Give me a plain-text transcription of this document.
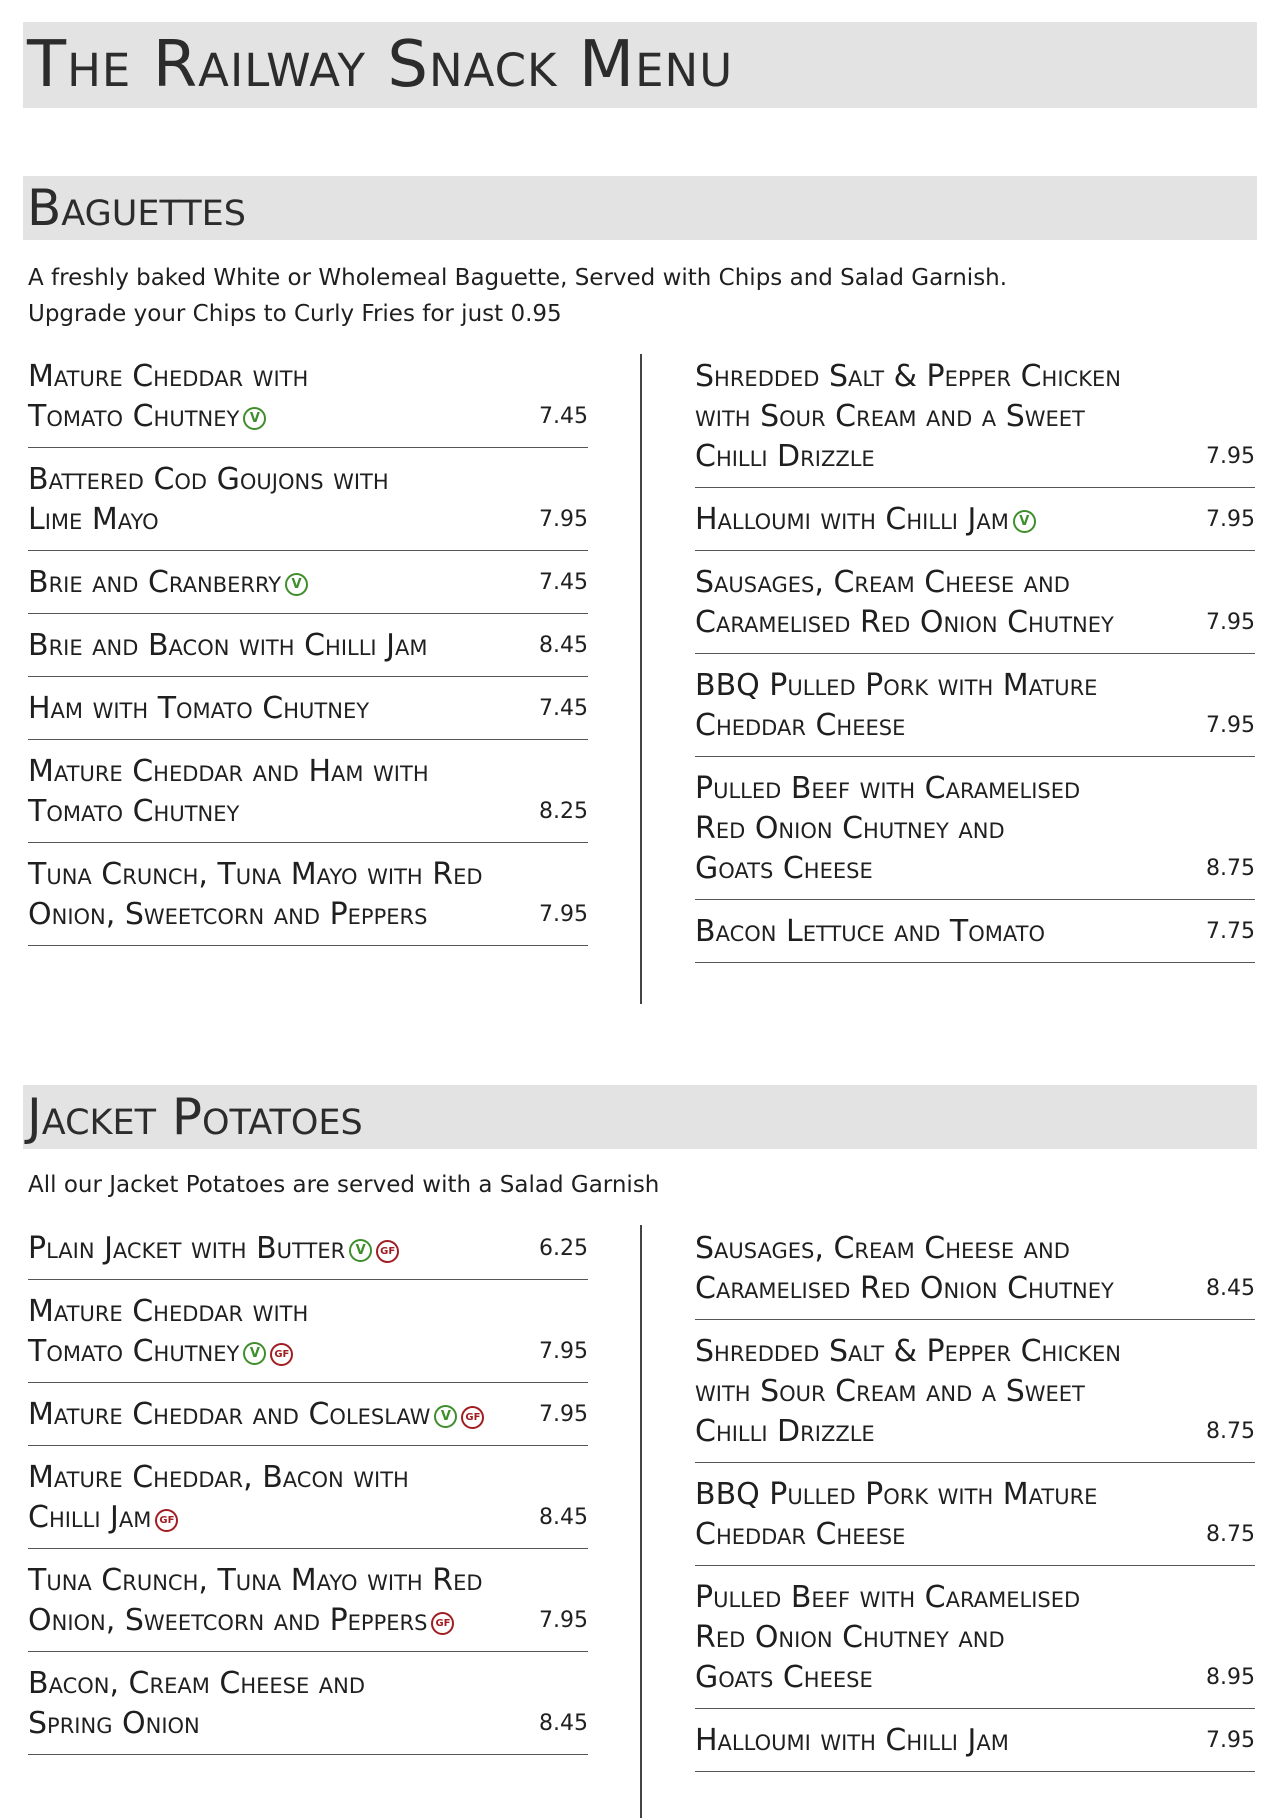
The Railway Snack Menu
Baguettes
A freshly baked White or Wholemeal Baguette, Served with Chips and Salad Garnish.
Upgrade your Chips to Curly Fries for just 0.95
Mature Cheddar with
Tomato Chutney V	7.45
Battered Cod Goujons with
Lime Mayo	7.95
Brie and Cranberry V	7.45
Brie and Bacon with Chilli Jam	8.45
Ham with Tomato Chutney	7.45
Mature Cheddar and Ham with
Tomato Chutney	8.25
Tuna Crunch, Tuna Mayo with Red
Onion, Sweetcorn and Peppers	7.95
Shredded Salt & Pepper Chicken
with Sour Cream and a Sweet
Chilli Drizzle	7.95
Halloumi with Chilli Jam V	7.95
Sausages, Cream Cheese and
Caramelised Red Onion Chutney	7.95
BBQ Pulled Pork with Mature
Cheddar Cheese	7.95
Pulled Beef with Caramelised
Red Onion Chutney and
Goats Cheese	8.75
Bacon Lettuce and Tomato	7.75
Jacket Potatoes
All our Jacket Potatoes are served with a Salad Garnish
Plain Jacket with Butter V GF	6.25
Mature Cheddar with
Tomato Chutney V GF	7.95
Mature Cheddar and Coleslaw V GF	7.95
Mature Cheddar, Bacon with
Chilli Jam GF	8.45
Tuna Crunch, Tuna Mayo with Red
Onion, Sweetcorn and Peppers GF	7.95
Bacon, Cream Cheese and
Spring Onion	8.45
Sausages, Cream Cheese and
Caramelised Red Onion Chutney	8.45
Shredded Salt & Pepper Chicken
with Sour Cream and a Sweet
Chilli Drizzle	8.75
BBQ Pulled Pork with Mature
Cheddar Cheese	8.75
Pulled Beef with Caramelised
Red Onion Chutney and
Goats Cheese	8.95
Halloumi with Chilli Jam	7.95
